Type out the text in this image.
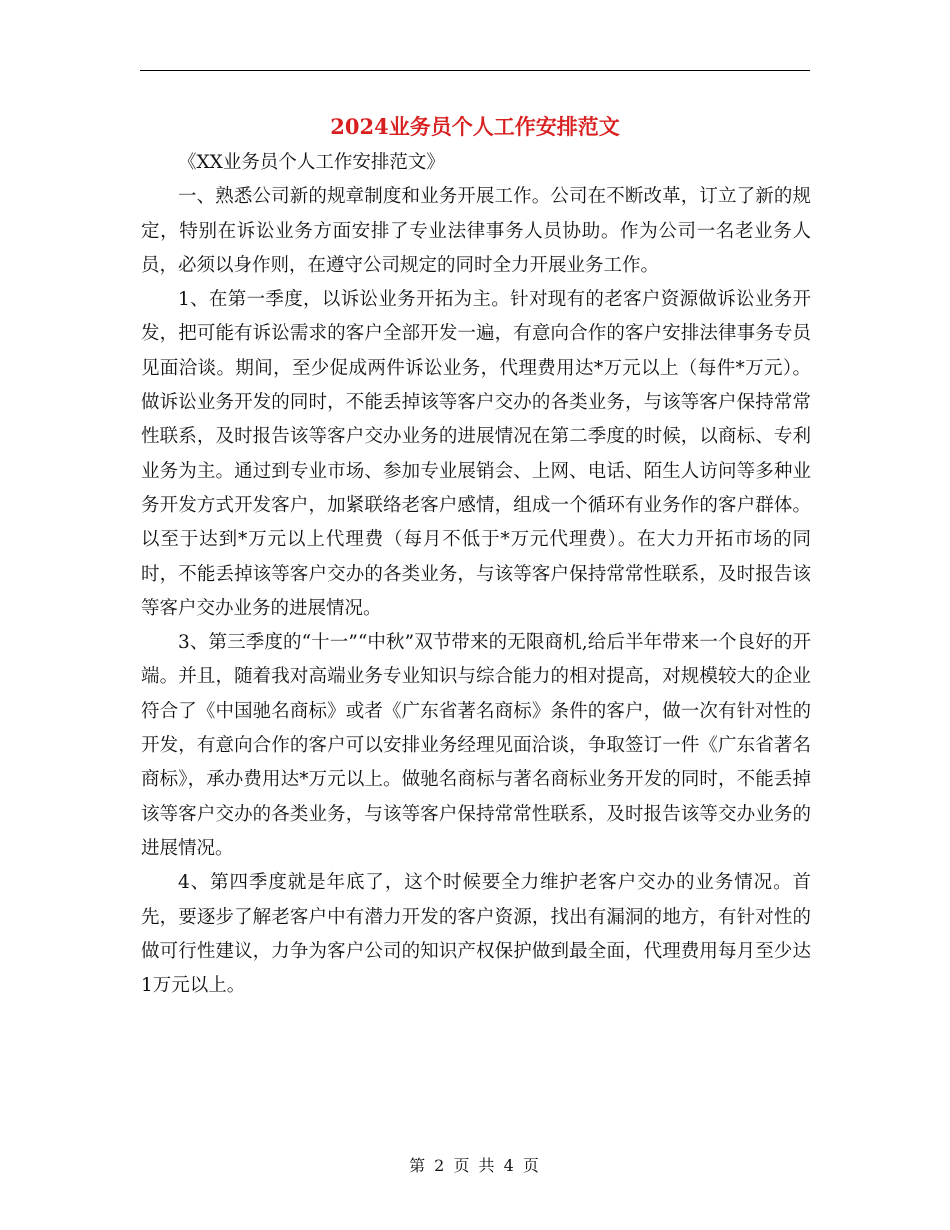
2024业务员个人工作安排范文

《XX业务员个人工作安排范文》

一、熟悉公司新的规章制度和业务开展工作。公司在不断改革，订立了新的规定，特别在诉讼业务方面安排了专业法律事务人员协助。作为公司一名老业务人员，必须以身作则，在遵守公司规定的同时全力开展业务工作。

1、在第一季度，以诉讼业务开拓为主。针对现有的老客户资源做诉讼业务开发，把可能有诉讼需求的客户全部开发一遍，有意向合作的客户安排法律事务专员见面洽谈。期间，至少促成两件诉讼业务，代理费用达*万元以上（每件*万元）。做诉讼业务开发的同时，不能丢掉该等客户交办的各类业务，与该等客户保持常常性联系，及时报告该等客户交办业务的进展情况在第二季度的时候，以商标、专利业务为主。通过到专业市场、参加专业展销会、上网、电话、陌生人访问等多种业务开发方式开发客户，加紧联络老客户感情，组成一个循环有业务作的客户群体。以至于达到*万元以上代理费（每月不低于*万元代理费）。在大力开拓市场的同时，不能丢掉该等客户交办的各类业务，与该等客户保持常常性联系，及时报告该等客户交办业务的进展情况。

3、第三季度的“十一”“中秋”双节带来的无限商机,给后半年带来一个良好的开端。并且，随着我对高端业务专业知识与综合能力的相对提高，对规模较大的企业符合了《中国驰名商标》或者《广东省著名商标》条件的客户，做一次有针对性的开发，有意向合作的客户可以安排业务经理见面洽谈，争取签订一件《广东省著名商标》，承办费用达*万元以上。做驰名商标与著名商标业务开发的同时，不能丢掉该等客户交办的各类业务，与该等客户保持常常性联系，及时报告该等交办业务的进展情况。

4、第四季度就是年底了，这个时候要全力维护老客户交办的业务情况。首先，要逐步了解老客户中有潜力开发的客户资源，找出有漏洞的地方，有针对性的做可行性建议，力争为客户公司的知识产权保护做到最全面，代理费用每月至少达1万元以上。

第 2 页 共 4 页
